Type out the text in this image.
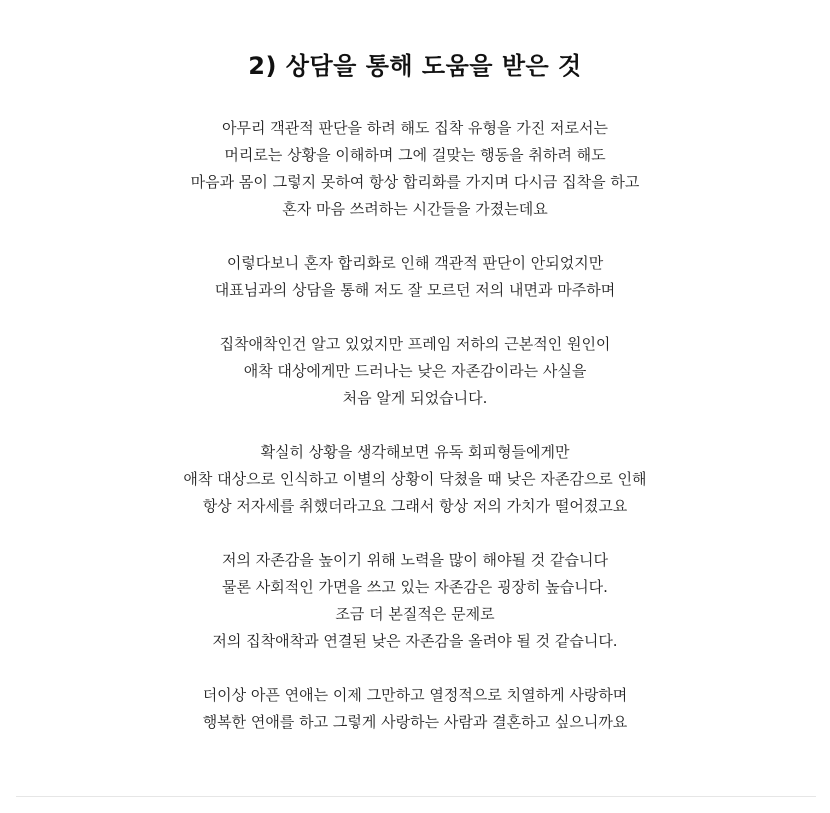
2) 상담을 통해 도움을 받은 것

아무리 객관적 판단을 하려 해도 집착 유형을 가진 저로서는
머리로는 상황을 이해하며 그에 걸맞는 행동을 취하려 해도
마음과 몸이 그렇지 못하여 항상 합리화를 가지며 다시금 집착을 하고
혼자 마음 쓰려하는 시간들을 가졌는데요

이렇다보니 혼자 합리화로 인해 객관적 판단이 안되었지만
대표님과의 상담을 통해 저도 잘 모르던 저의 내면과 마주하며

집착애착인건 알고 있었지만 프레임 저하의 근본적인 원인이
애착 대상에게만 드러나는 낮은 자존감이라는 사실을
처음 알게 되었습니다.

확실히 상황을 생각해보면 유독 회피형들에게만
애착 대상으로 인식하고 이별의 상황이 닥쳤을 때 낮은 자존감으로 인해
항상 저자세를 취했더라고요 그래서 항상 저의 가치가 떨어졌고요

저의 자존감을 높이기 위해 노력을 많이 해야될 것 같습니다
물론 사회적인 가면을 쓰고 있는 자존감은 굉장히 높습니다.
조금 더 본질적은 문제로
저의 집착애착과 연결된 낮은 자존감을 올려야 될 것 같습니다.

더이상 아픈 연애는 이제 그만하고 열정적으로 치열하게 사랑하며
행복한 연애를 하고 그렇게 사랑하는 사람과 결혼하고 싶으니까요
